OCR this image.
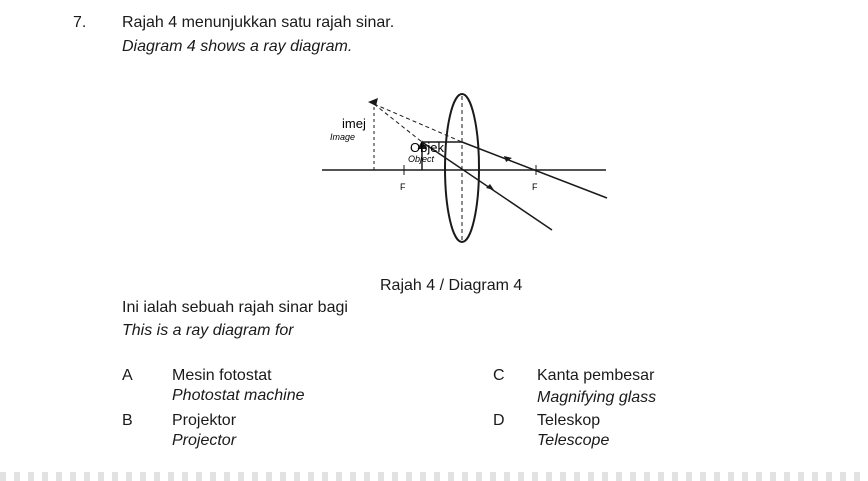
7. Rajah 4 menunjukkan satu rajah sinar.
Diagram 4 shows a ray diagram.
imej
Image
Objek
Object
F	F
Rajah 4 / Diagram 4
Ini ialah sebuah rajah sinar bagi
This is a ray diagram for
A Mesin fotostat
Photostat machine
B Projektor
Projector
C Kanta pembesar
Magnifying glass
D Teleskop
Telescope
